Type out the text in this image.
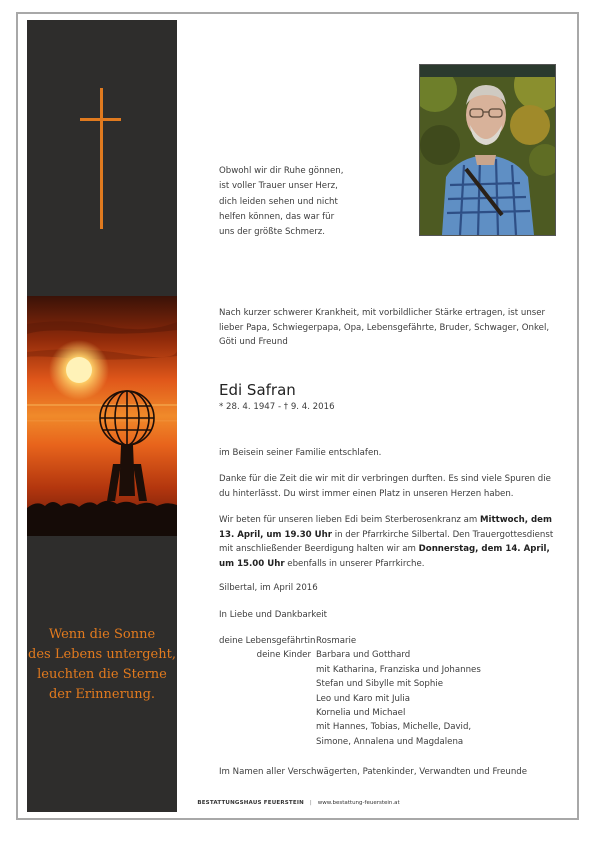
Wenn die Sonne
des Lebens untergeht,
leuchten die Sterne
der Erinnerung.
Obwohl wir dir Ruhe gönnen,
ist voller Trauer unser Herz,
dich leiden sehen und nicht
helfen können, das war für
uns der größte Schmerz.
Nach kurzer schwerer Krankheit, mit vorbildlicher Stärke ertragen, ist unser
lieber Papa, Schwiegerpapa, Opa, Lebensgefährte, Bruder, Schwager, Onkel,
Göti und Freund
Edi Safran
* 28. 4. 1947 - † 9. 4. 2016
im Beisein seiner Familie entschlafen.
Danke für die Zeit die wir mit dir verbringen durften. Es sind viele Spuren die
du hinterlässt. Du wirst immer einen Platz in unseren Herzen haben.
Wir beten für unseren lieben Edi beim Sterberosenkranz am Mittwoch, dem
13. April, um 19.30 Uhr in der Pfarrkirche Silbertal. Den Trauergottesdienst
mit anschließender Beerdigung halten wir am Donnerstag, dem 14. April,
um 15.00 Uhr ebenfalls in unserer Pfarrkirche.
Silbertal, im April 2016
In Liebe und Dankbarkeit
deine Lebensgefährtin Rosmarie
deine Kinder Barbara und Gotthard
mit Katharina, Franziska und Johannes
Stefan und Sibylle mit Sophie
Leo und Karo mit Julia
Kornelia und Michael
mit Hannes, Tobias, Michelle, David,
Simone, Annalena und Magdalena
Im Namen aller Verschwägerten, Patenkinder, Verwandten und Freunde
BESTATTUNGSHAUS FEUERSTEIN | www.bestattung-feuerstein.at
